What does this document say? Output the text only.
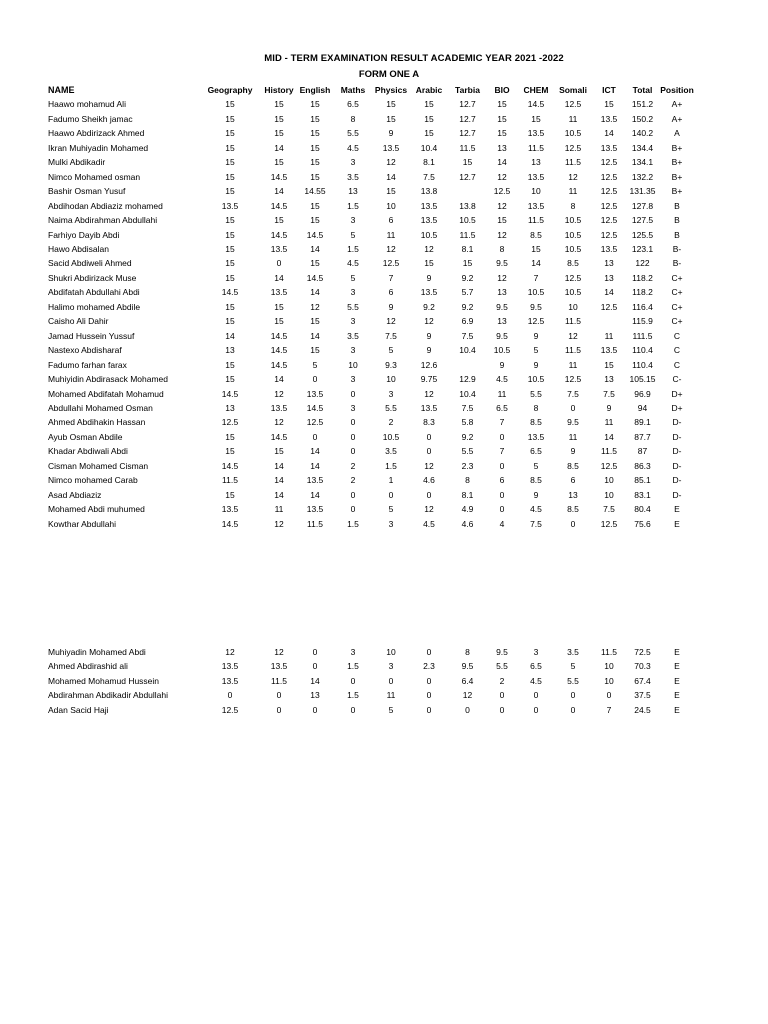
MID - TERM EXAMINATION RESULT ACADEMIC YEAR 2021 -2022
FORM ONE A
NAME	Geography	History	English	Maths	Physics	Arabic	Tarbia	BIO	CHEM	Somali	ICT	Total	Position
Haawo mohamud Ali	15	15	15	6.5	15	15	12.7	15	14.5	12.5	15	151.2	A+
Fadumo Sheikh jamac	15	15	15	8	15	15	12.7	15	15	11	13.5	150.2	A+
Haawo Abdirizack Ahmed	15	15	15	5.5	9	15	12.7	15	13.5	10.5	14	140.2	A
Ikran Muhiyadin Mohamed	15	14	15	4.5	13.5	10.4	11.5	13	11.5	12.5	13.5	134.4	B+
Mulki Abdikadir	15	15	15	3	12	8.1	15	14	13	11.5	12.5	134.1	B+
Nimco Mohamed osman	15	14.5	15	3.5	14	7.5	12.7	12	13.5	12	12.5	132.2	B+
Bashir Osman Yusuf	15	14	14.55	13	15	13.8		12.5	10	11	12.5	131.35	B+
Abdihodan Abdiaziz mohamed	13.5	14.5	15	1.5	10	13.5	13.8	12	13.5	8	12.5	127.8	B
Naima Abdirahman Abdullahi	15	15	15	3	6	13.5	10.5	15	11.5	10.5	12.5	127.5	B
Farhiyo Dayib Abdi	15	14.5	14.5	5	11	10.5	11.5	12	8.5	10.5	12.5	125.5	B
Hawo Abdisalan	15	13.5	14	1.5	12	12	8.1	8	15	10.5	13.5	123.1	B-
Sacid Abdiweli Ahmed	15	0	15	4.5	12.5	15	15	9.5	14	8.5	13	122	B-
Shukri Abdirizack Muse	15	14	14.5	5	7	9	9.2	12	7	12.5	13	118.2	C+
Abdifatah Abdullahi Abdi	14.5	13.5	14	3	6	13.5	5.7	13	10.5	10.5	14	118.2	C+
Halimo mohamed Abdile	15	15	12	5.5	9	9.2	9.2	9.5	9.5	10	12.5	116.4	C+
Caisho Ali Dahir	15	15	15	3	12	12	6.9	13	12.5	11.5		115.9	C+
Jamad Hussein Yussuf	14	14.5	14	3.5	7.5	9	7.5	9.5	9	12	11	111.5	C
Nastexo Abdisharaf	13	14.5	15	3	5	9	10.4	10.5	5	11.5	13.5	110.4	C
Fadumo farhan farax	15	14.5	5	10	9.3	12.6		9	9	11	15	110.4	C
Muhiyidin Abdirasack Mohamed	15	14	0	3	10	9.75	12.9	4.5	10.5	12.5	13	105.15	C-
Mohamed Abdifatah Mohamud	14.5	12	13.5	0	3	12	10.4	11	5.5	7.5	7.5	96.9	D+
Abdullahi Mohamed Osman	13	13.5	14.5	3	5.5	13.5	7.5	6.5	8	0	9	94	D+
Ahmed Abdihakin Hassan	12.5	12	12.5	0	2	8.3	5.8	7	8.5	9.5	11	89.1	D-
Ayub Osman Abdile	15	14.5	0	0	10.5	0	9.2	0	13.5	11	14	87.7	D-
Khadar Abdiwali Abdi	15	15	14	0	3.5	0	5.5	7	6.5	9	11.5	87	D-
Cisman Mohamed Cisman	14.5	14	14	2	1.5	12	2.3	0	5	8.5	12.5	86.3	D-
Nimco mohamed Carab	11.5	14	13.5	2	1	4.6	8	6	8.5	6	10	85.1	D-
Asad Abdiaziz	15	14	14	0	0	0	8.1	0	9	13	10	83.1	D-
Mohamed Abdi muhumed	13.5	11	13.5	0	5	12	4.9	0	4.5	8.5	7.5	80.4	E
Kowthar Abdullahi	14.5	12	11.5	1.5	3	4.5	4.6	4	7.5	0	12.5	75.6	E
Muhiyadin Mohamed Abdi	12	12	0	3	10	0	8	9.5	3	3.5	11.5	72.5	E
Ahmed Abdirashid ali	13.5	13.5	0	1.5	3	2.3	9.5	5.5	6.5	5	10	70.3	E
Mohamed Mohamud Hussein	13.5	11.5	14	0	0	0	6.4	2	4.5	5.5	10	67.4	E
Abdirahman Abdikadir Abdullahi	0	0	13	1.5	11	0	12	0	0	0	0	37.5	E
Adan Sacid Haji	12.5	0	0	0	5	0	0	0	0	0	7	24.5	E
